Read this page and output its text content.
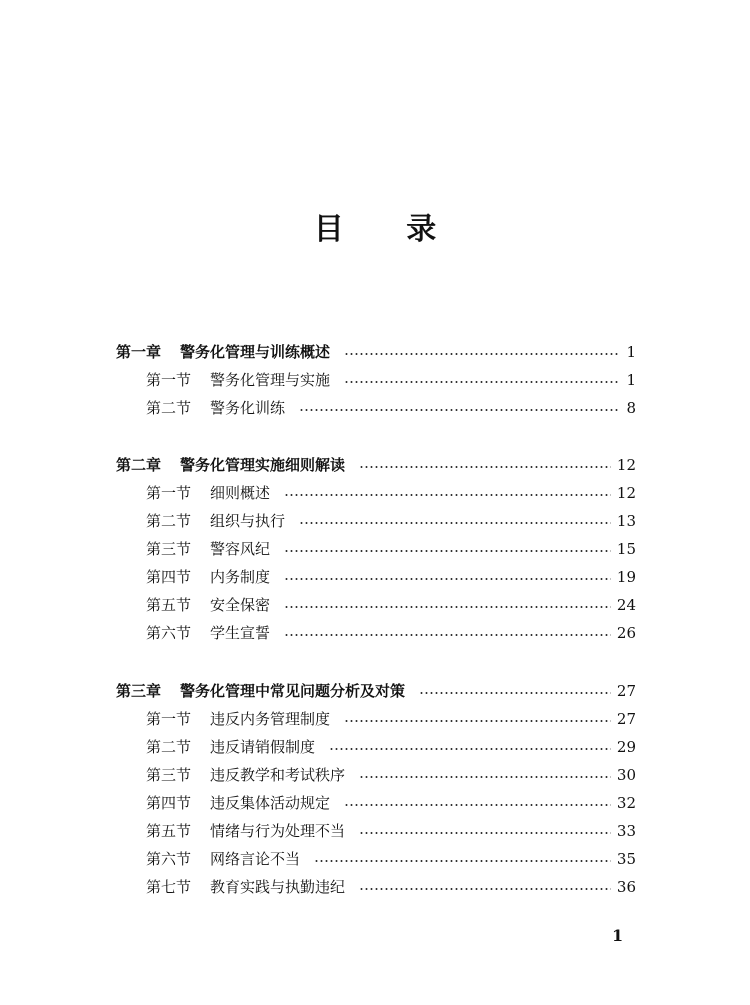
目 录
第一章	警务化管理与训练概述	1
第一节	警务化管理与实施	1
第二节	警务化训练	8
第二章	警务化管理实施细则解读	12
第一节	细则概述	12
第二节	组织与执行	13
第三节	警容风纪	15
第四节	内务制度	19
第五节	安全保密	24
第六节	学生宣誓	26
第三章	警务化管理中常见问题分析及对策	27
第一节	违反内务管理制度	27
第二节	违反请销假制度	29
第三节	违反教学和考试秩序	30
第四节	违反集体活动规定	32
第五节	情绪与行为处理不当	33
第六节	网络言论不当	35
第七节	教育实践与执勤违纪	36
1
